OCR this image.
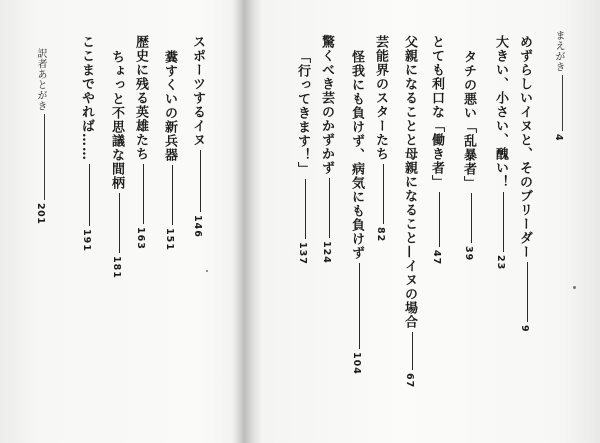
まえがき4
めずらしいイヌと、そのブリーダー9
大きい、小さい、醜い！23
タチの悪い「乱暴者」39
とても利口な「働き者」47
父親になることと母親になること—イヌの場合67
芸能界のスターたち82
怪我にも負けず、病気にも負けず104
驚くべき芸のかずかず124
「行ってきます！」137
スポーツするイヌ146
糞すくいの新兵器151
歴史に残る英雄たち163
ちょっと不思議な間柄181
ここまでやれば……191
訳者あとがき201
